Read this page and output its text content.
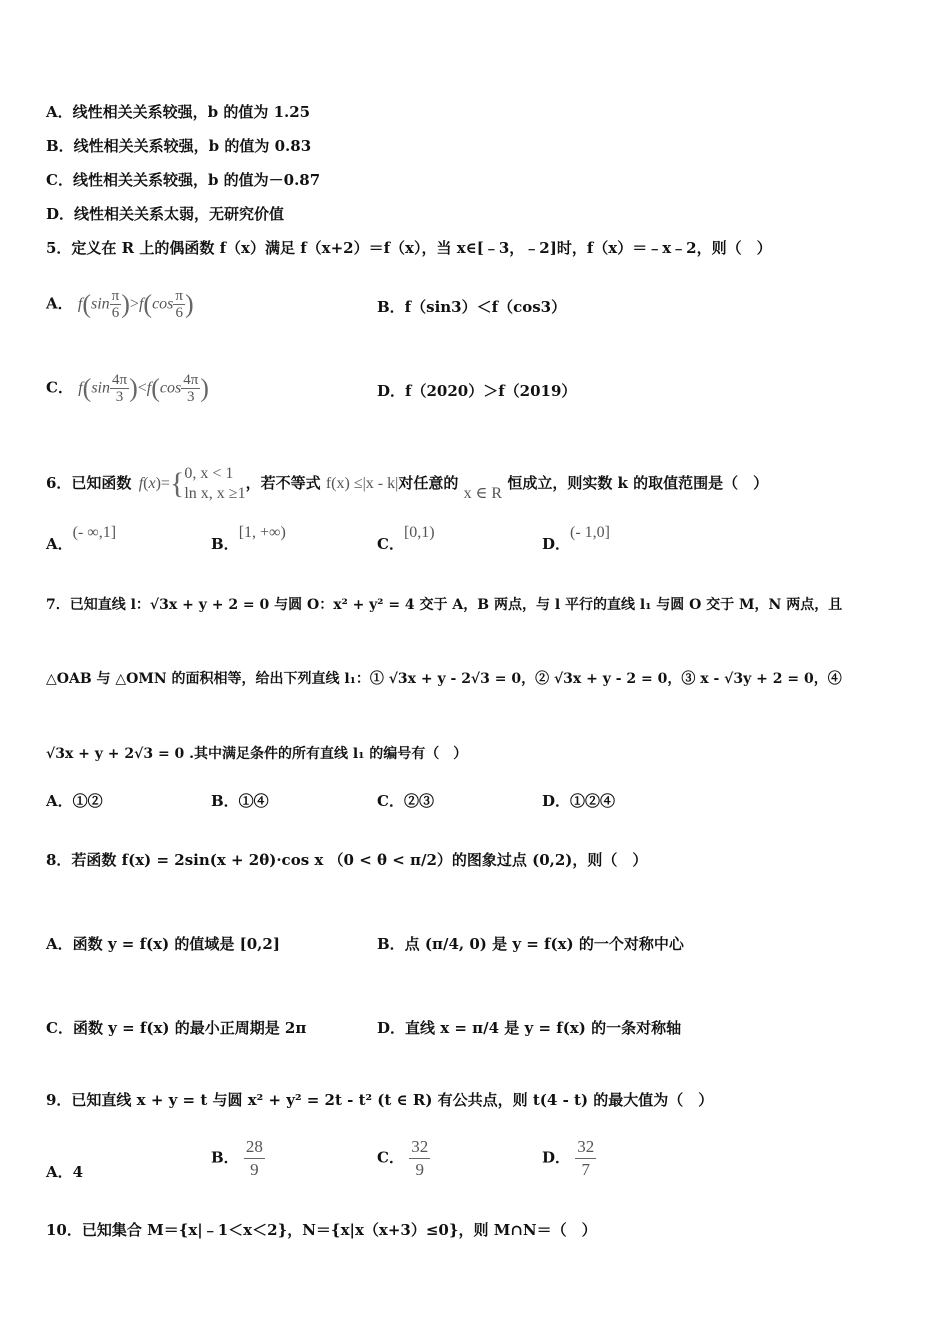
A．线性相关关系较强，b 的值为 1.25
B．线性相关关系较强，b 的值为 0.83
C．线性相关关系较强，b 的值为－0.87
D．线性相关关系太弱，无研究价值
5．定义在 R 上的偶函数 f（x）满足 f（x+2）＝f（x），当 x∈[﹣3，﹣2]时，f（x）＝﹣x﹣2，则（　）
A． $f(\sin \frac{\pi}{6} )>f(\cos \frac{\pi}{6}$ )	B．f（sin3）＜f（cos3）
C． $f(\sin \frac{4\pi}{3} )<f(\cos \frac{4\pi}{3}$ )	D．f（2020）＞f（2019）
6．已知函数 f(x)={ 0, x < 1
ln x, x ≥1
，若不等式 f(x) ≤|x - k|对任意的 x ∈ R 恒成立，则实数 k 的取值范围是（　）
A．(- ∞,1]
B．[1, +∞)
C．[0,1)
D．(- 1,0]
7．已知直线 l：√3x + y + 2 = 0 与圆 O：x² + y² = 4 交于 A，B 两点，与 l 平行的直线 l₁ 与圆 O 交于 M，N 两点，且
△OAB 与 △OMN 的面积相等，给出下列直线 l₁：① √3x + y - 2√3 = 0，② √3x + y - 2 = 0，③ x - √3y + 2 = 0，④
√3x + y + 2√3 = 0 .其中满足条件的所有直线 l₁ 的编号有（　）
A．①②	B．①④	C．②③	D．①②④
8．若函数 f(x) = 2sin(x + 2θ)·cos x （0 < θ < π/2）的图象过点 (0,2)，则（　）
A．函数 y = f(x) 的值域是 [0,2]	B．点 (π/4, 0) 是 y = f(x) 的一个对称中心
C．函数 y = f(x) 的最小正周期是 2π	D．直线 x = π/4 是 y = f(x) 的一条对称轴
9．已知直线 x + y = t 与圆 x² + y² = 2t - t² (t ∈ R) 有公共点，则 t(4 - t) 的最大值为（　）
A．4
B． $\frac{28}{9}$	C． $\frac{32}{9}$	D． $\frac{32}{7}$
10．已知集合 M＝{x|﹣1＜x＜2}，N＝{x|x（x+3）≤0}，则 M∩N＝（　）
